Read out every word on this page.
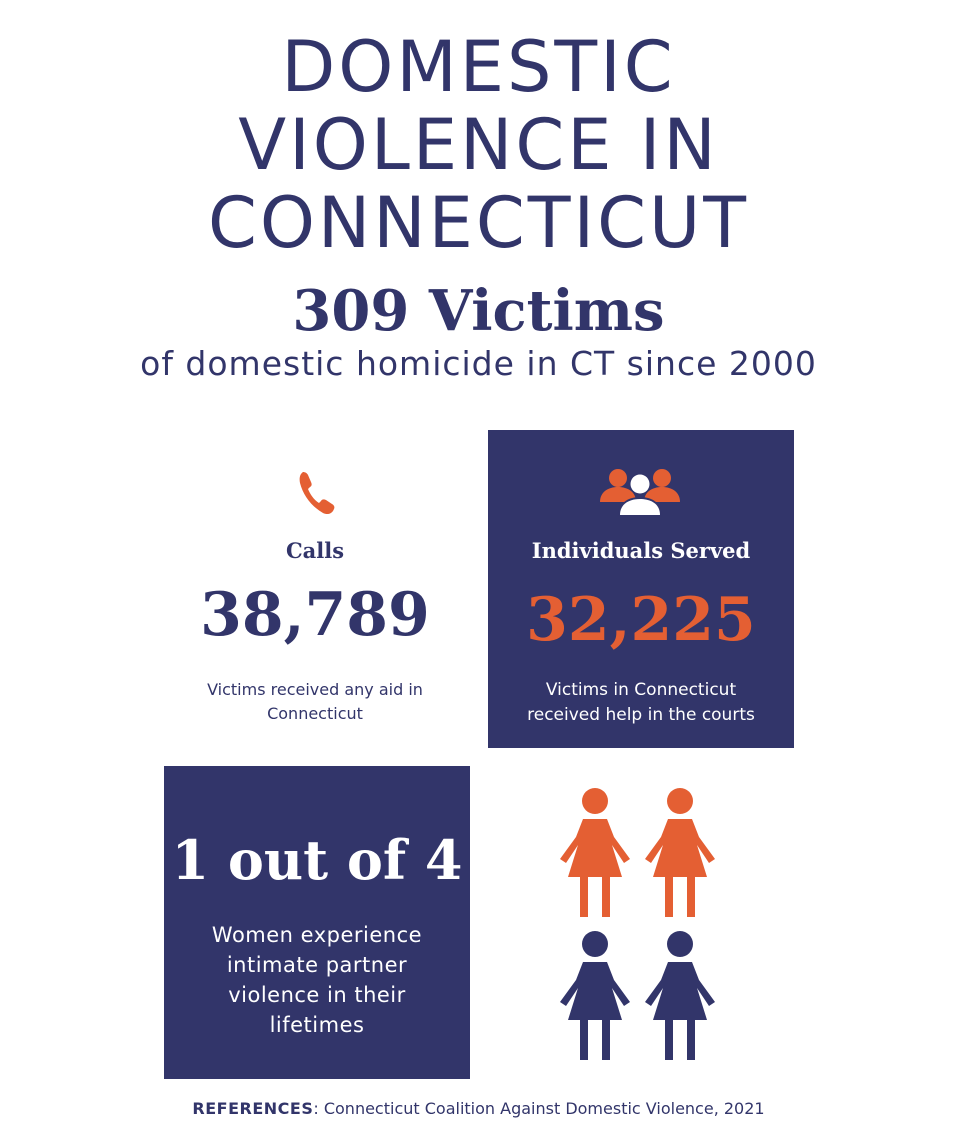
DOMESTIC
VIOLENCE IN
CONNECTICUT
309 Victims
of domestic homicide in CT since 2000
Calls
38,789
Victims received any aid in
Connecticut
Individuals Served
32,225
Victims in Connecticut
received help in the courts
1 out of 4
Women experience
intimate partner
violence in their
lifetimes
REFERENCES: Connecticut Coalition Against Domestic Violence, 2021
